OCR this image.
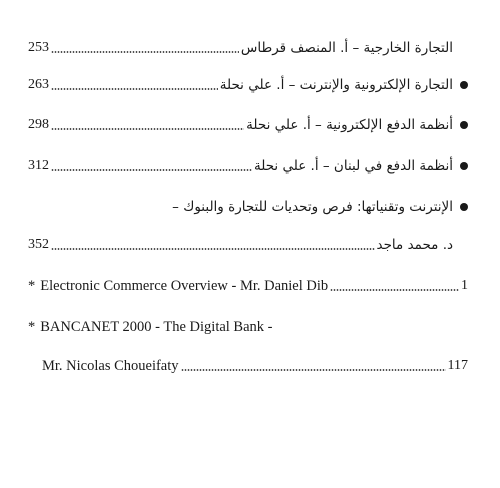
التجارة الخارجية – أ. المنصف قرطاس
253
التجارة الإلكترونية والإنترنت – أ. علي نحلة
263
أنظمة الدفع الإلكترونية – أ. علي نحلة
298
أنظمة الدفع في لبنان – أ. علي نحلة
312
الإنترنت وتقنياتها: فرص وتحديات للتجارة والبنوك –
د. محمد ماجد
352
* Electronic Commerce Overview - Mr. Daniel Dib	1
* BANCANET 2000 - The Digital Bank -
Mr. Nicolas Choueifaty	117
